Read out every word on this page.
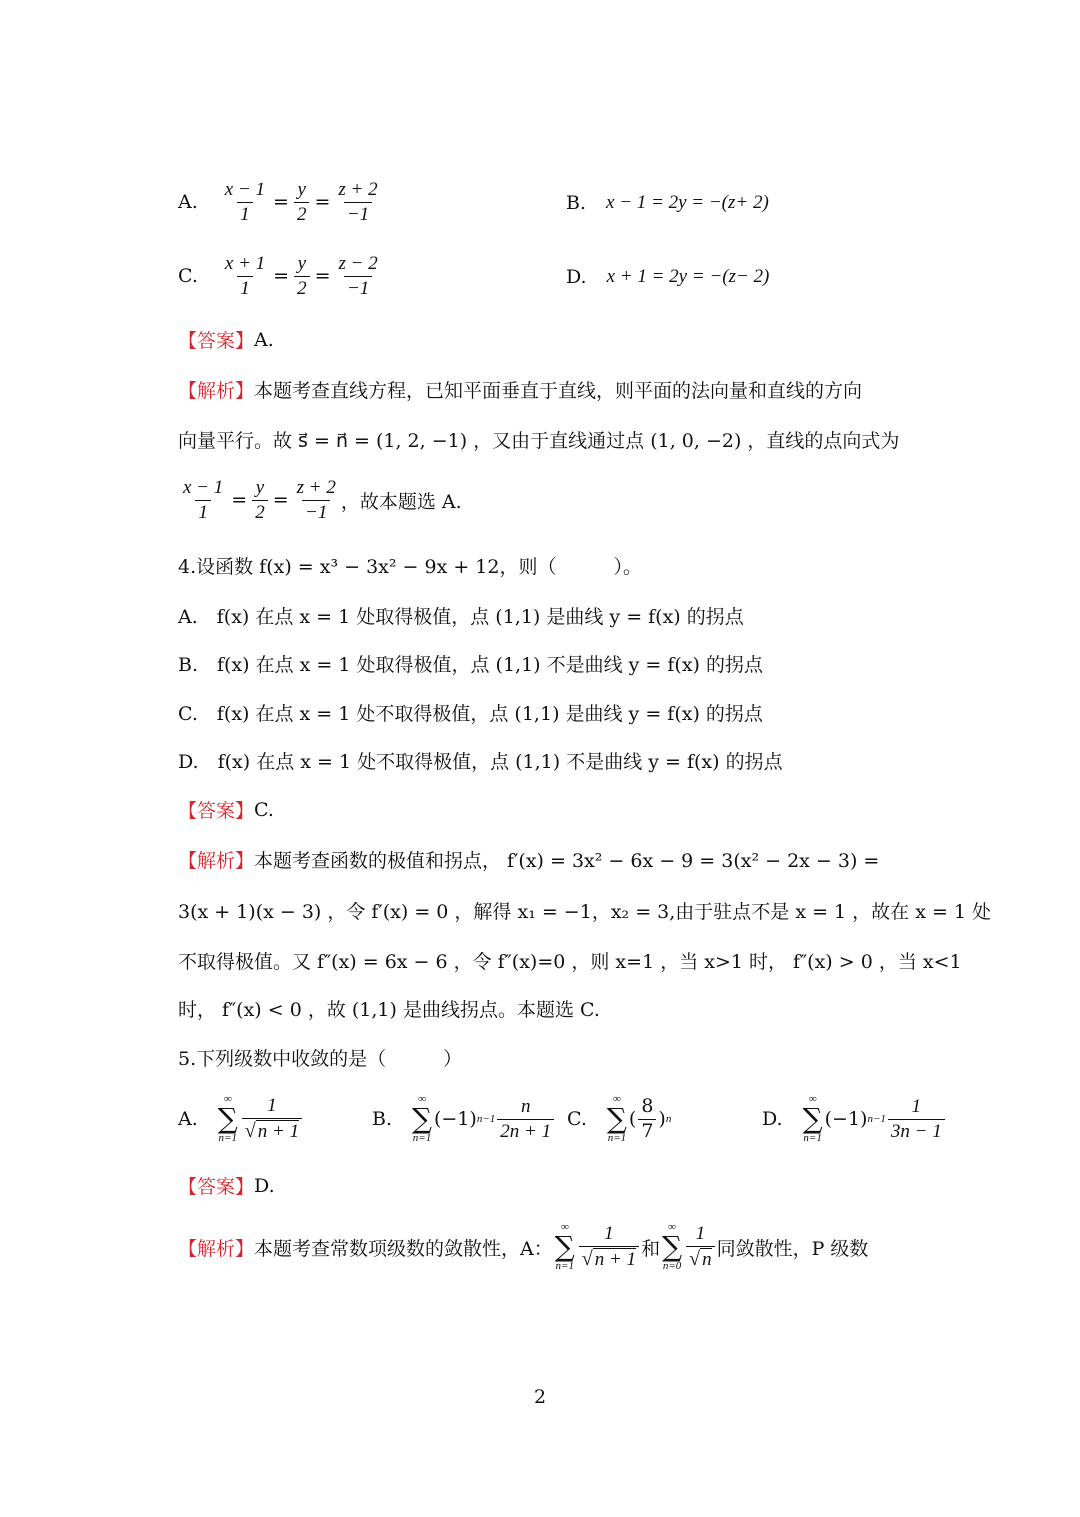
A. $\frac{x - 1}{1} = \frac{y}{2} = \frac{z + 2}{-1}$	B. x − 1 = 2y = −(z+ 2)
C. $\frac{x + 1}{1} = \frac{y}{2} = \frac{z - 2}{-1}$	D. x + 1 = 2y = −(z− 2)
【答案】 A.
【解析】 本题考查直线方程，已知平面垂直于直线，则平面的法向量和直线的方向
向量平行。故 s⃗ = n⃗ = (1, 2, −1) ，又由于直线通过点 (1, 0, −2) ，直线的点向式为
$\frac{x - 1}{1} = \frac{y}{2} = \frac{z + 2}{-1}$ ，故本题选 A.
4.设函数 f(x) = x³ − 3x² − 9x + 12，则（　　　）。
A.　f(x) 在点 x = 1 处取得极值，点 (1,1) 是曲线 y = f(x) 的拐点
B.　f(x) 在点 x = 1 处取得极值，点 (1,1) 不是曲线 y = f(x) 的拐点
C.　f(x) 在点 x = 1 处不取得极值，点 (1,1) 是曲线 y = f(x) 的拐点
D.　f(x) 在点 x = 1 处不取得极值，点 (1,1) 不是曲线 y = f(x) 的拐点
【答案】 C.
【解析】 本题考查函数的极值和拐点， f′(x) = 3x² − 6x − 9 = 3(x² − 2x − 3) =
3(x + 1)(x − 3) ，令 f′(x) = 0 ，解得 x₁ = −1，x₂ = 3,由于驻点不是 x = 1 ，故在 x = 1 处
不取得极值。又 f″(x) = 6x − 6 ，令 f″(x)=0 ，则 x=1 ，当 x>1 时， f″(x) > 0 ，当 x<1
时， f″(x) < 0 ，故 (1,1) 是曲线拐点。本题选 C.
5.下列级数中收敛的是（　　　）
A.
∞
∑
n=1
1
√ n + 1
B.
∞
∑
n=1
(−1) n−1
n
2n + 1
C.
∞
∑
n=1
(
8
7
) n	D.
∞
∑
n=1
(−1) n−1
1
3n − 1
【答案】 D.
【解析】 本题考查常数项级数的敛散性，A：
∞
∑
n=1
1
√ n + 1 和
∞
∑
n=0
1
√ n 同敛散性，P 级数
2
